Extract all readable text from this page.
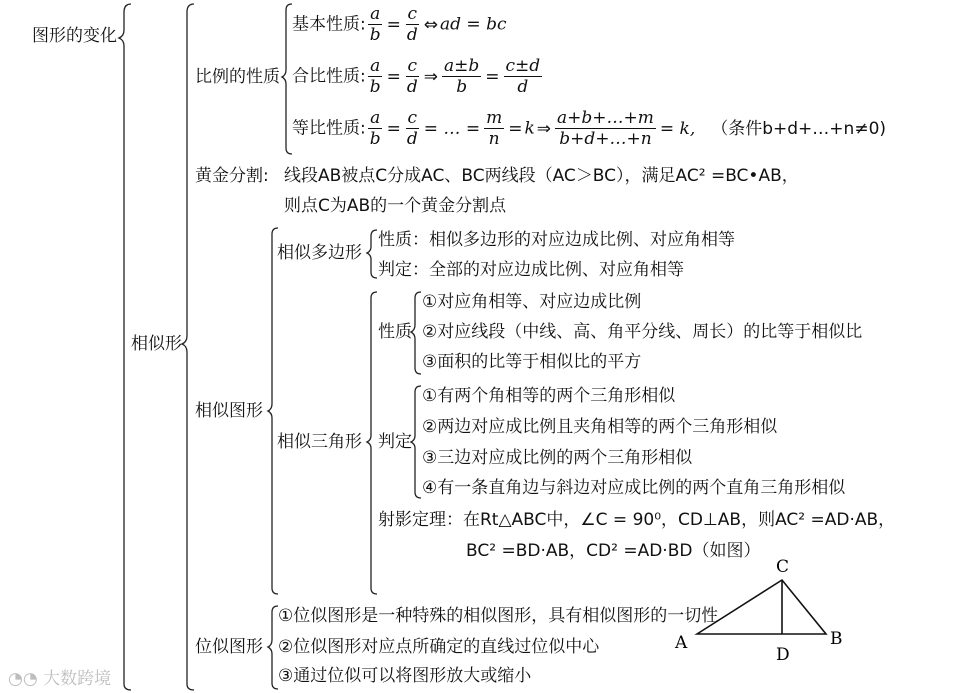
C
A	B
D
图形的变化
相似形
比例的性质
基本性质: $\frac{a}{b} = \frac{c}{d}$ ⇔ ad = bc
合比性质: $\frac{a}{b} = \frac{c}{d}$ ⇒ $\frac{a\pm b}{b} = \frac{c\pm d}{d}$
等比性质: $\frac{a}{b} = \frac{c}{d}$ = … = $\frac{m}{n} = k$ ⇒ $\frac{a+b+\dots+m}{b+d+\dots+n} = k$, （条件b+d+…+n≠0)
黄金分割: 线段AB被点C分成AC、BC两线段（AC＞BC），满足AC² =BC•AB，
则点C为AB的一个黄金分割点
相似图形
相似多边形
性质：相似多边形的对应边成比例、对应角相等
判定：全部的对应边成比例、对应角相等
相似三角形
性质
①对应角相等、对应边成比例
②对应线段（中线、高、角平分线、周长）的比等于相似比
③面积的比等于相似比的平方
判定
①有两个角相等的两个三角形相似
②两边对应成比例且夹角相等的两个三角形相似
③三边对应成比例的两个三角形相似
④有一条直角边与斜边对应成比例的两个直角三角形相似
射影定理：在Rt△ABC中，∠C = 90⁰，CD⊥AB，则AC² =AD·AB，
BC² =BD·AB，CD² =AD·BD（如图）
位似图形
①位似图形是一种特殊的相似图形，具有相似图形的一切性
②位似图形对应点所确定的直线过位似中心
③通过位似可以将图形放大或缩小
◔◔ 大数跨境
